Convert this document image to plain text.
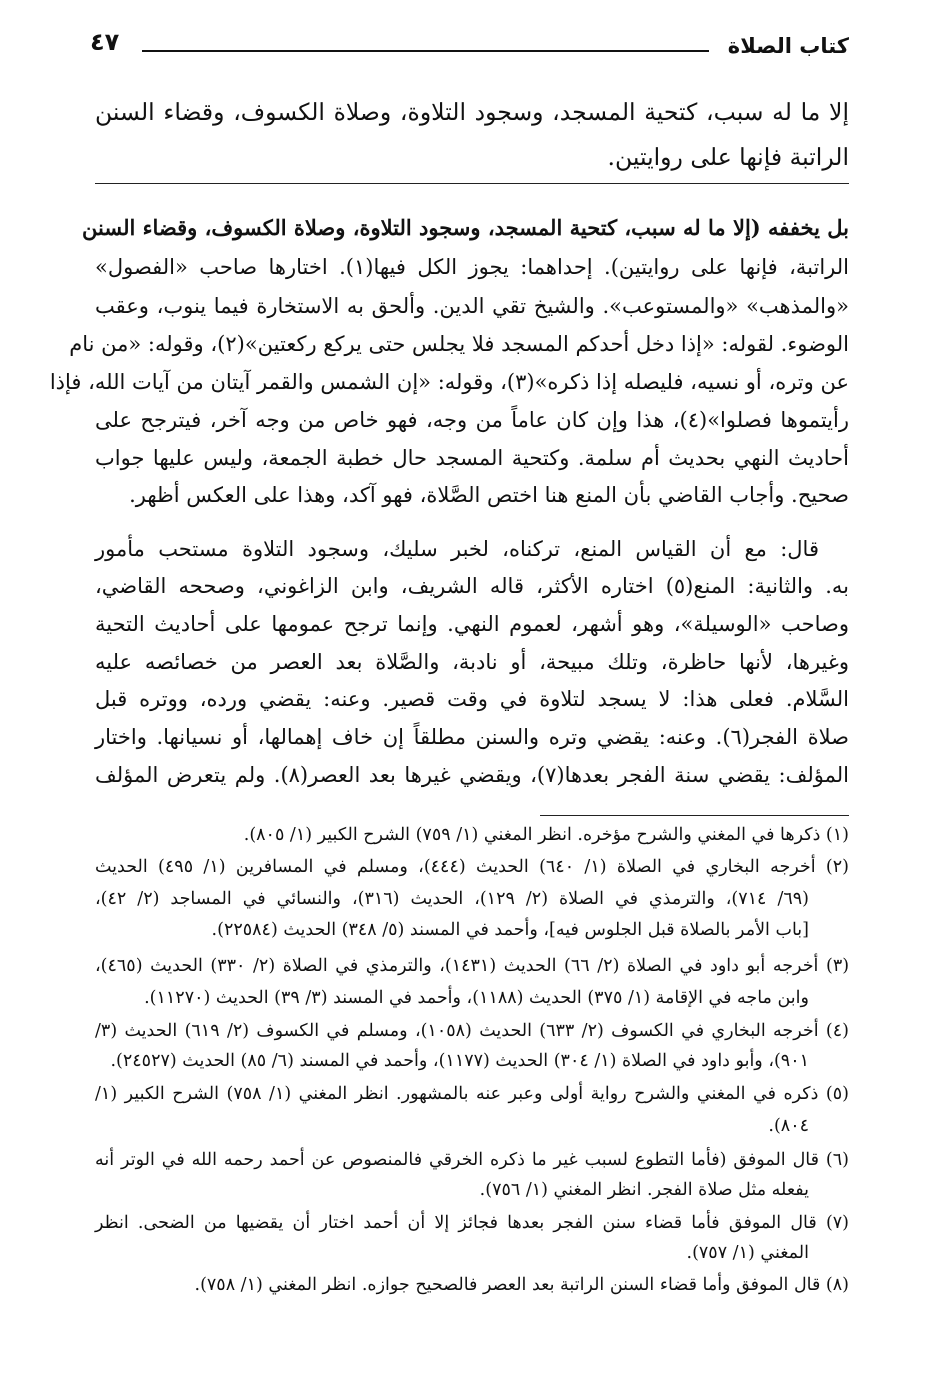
كتاب الصلاة
٤٧
إلا ما له سبب، كتحية المسجد، وسجود التلاوة، وصلاة الكسوف، وقضاء السنن
الراتبة فإنها على روايتين.
بل يخففه (إلا ما له سبب، كتحية المسجد، وسجود التلاوة، وصلاة الكسوف، وقضاء السنن
الراتبة، فإنها على روايتين). إحداهما: يجوز الكل فيها(١). اختارها صاحب «الفصول»
«والمذهب» «والمستوعب». والشيخ تقي الدين. وألحق به الاستخارة فيما ينوب، وعقب
الوضوء. لقوله: «إذا دخل أحدكم المسجد فلا يجلس حتى يركع ركعتين»(٢)، وقوله: «من نام
عن وتره، أو نسيه، فليصله إذا ذكره»(٣)، وقوله: «إن الشمس والقمر آيتان من آيات الله، فإذا
رأيتموها فصلوا»(٤)، هذا وإن كان عاماً من وجه، فهو خاص من وجه آخر، فيترجح على
أحاديث النهي بحديث أم سلمة. وكتحية المسجد حال خطبة الجمعة، وليس عليها جواب
صحيح. وأجاب القاضي بأن المنع هنا اختص الصَّلاة، فهو آكد، وهذا على العكس أظهر.
قال: مع أن القياس المنع، تركناه، لخبر سليك، وسجود التلاوة مستحب مأمور
به. والثانية: المنع(٥) اختاره الأكثر، قاله الشريف، وابن الزاغوني، وصححه القاضي،
وصاحب «الوسيلة»، وهو أشهر، لعموم النهي. وإنما ترجح عمومها على أحاديث التحية
وغيرها، لأنها حاظرة، وتلك مبيحة، أو نادبة، والصَّلاة بعد العصر من خصائصه عليه
السَّلام. فعلى هذا: لا يسجد لتلاوة في وقت قصير. وعنه: يقضي ورده، ووتره قبل
صلاة الفجر(٦). وعنه: يقضي وتره والسنن مطلقاً إن خاف إهمالها، أو نسيانها. واختار
المؤلف: يقضي سنة الفجر بعدها(٧)، ويقضي غيرها بعد العصر(٨). ولم يتعرض المؤلف
(١) ذكرها في المغني والشرح مؤخره. انظر المغني (١/ ٧٥٩) الشرح الكبير (١/ ٨٠٥).
(٢) أخرجه البخاري في الصلاة (١/ ٦٤٠) الحديث (٤٤٤)، ومسلم في المسافرين (١/ ٤٩٥) الحديث
(٦٩/ ٧١٤)، والترمذي في الصلاة (٢/ ١٢٩)، الحديث (٣١٦)، والنسائي في المساجد (٢/ ٤٢)،
[باب الأمر بالصلاة قبل الجلوس فيه]، وأحمد في المسند (٥/ ٣٤٨) الحديث (٢٢٥٨٤).
(٣) أخرجه أبو داود في الصلاة (٢/ ٦٦) الحديث (١٤٣١)، والترمذي في الصلاة (٢/ ٣٣٠) الحديث (٤٦٥)،
وابن ماجه في الإقامة (١/ ٣٧٥) الحديث (١١٨٨)، وأحمد في المسند (٣/ ٣٩) الحديث (١١٢٧٠).
(٤) أخرجه البخاري في الكسوف (٢/ ٦٣٣) الحديث (١٠٥٨)، ومسلم في الكسوف (٢/ ٦١٩) الحديث (٣/
٩٠١)، وأبو داود في الصلاة (١/ ٣٠٤) الحديث (١١٧٧)، وأحمد في المسند (٦/ ٨٥) الحديث (٢٤٥٢٧).
(٥) ذكره في المغني والشرح رواية أولى وعبر عنه بالمشهور. انظر المغني (١/ ٧٥٨) الشرح الكبير (١/
٨٠٤).
(٦) قال الموفق (فأما التطوع لسبب غير ما ذكره الخرقي فالمنصوص عن أحمد رحمه الله في الوتر أنه
يفعله مثل صلاة الفجر. انظر المغني (١/ ٧٥٦).
(٧) قال الموفق فأما قضاء سنن الفجر بعدها فجائز إلا أن أحمد اختار أن يقضيها من الضحى. انظر
المغني (١/ ٧٥٧).
(٨) قال الموفق وأما قضاء السنن الراتبة بعد العصر فالصحيح جوازه. انظر المغني (١/ ٧٥٨).
